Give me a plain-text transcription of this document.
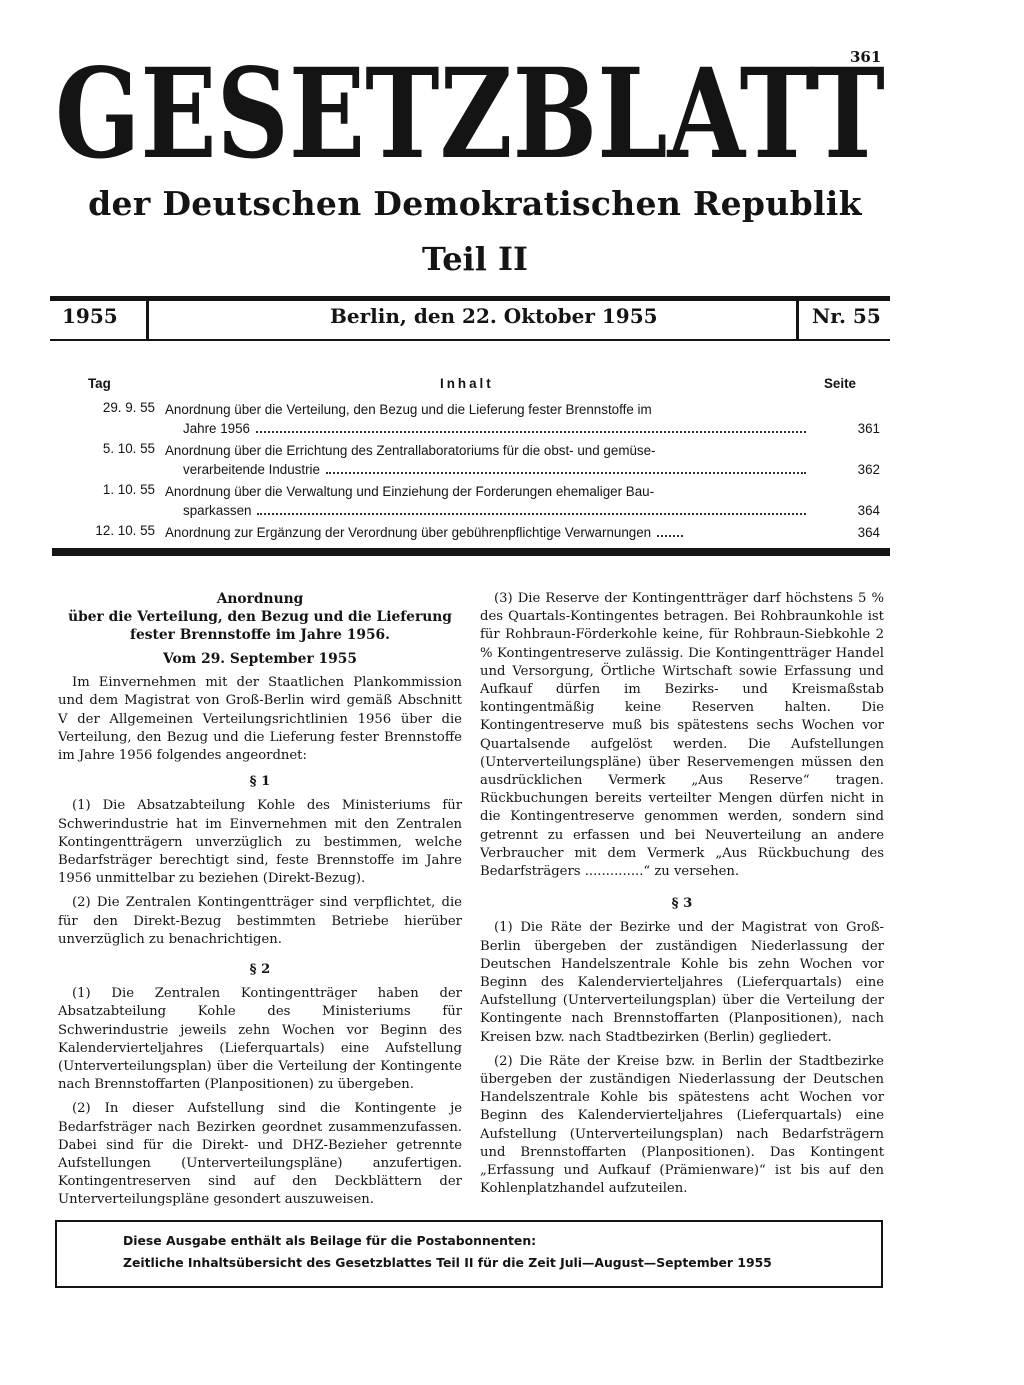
361
GESETZBLATT
der Deutschen Demokratischen Republik
Teil II
1955	Berlin, den 22. Oktober 1955	Nr. 55
Tag	Inhalt	Seite
29. 9. 55 Anordnung über die Verteilung, den Bezug und die Lieferung fester Brennstoffe im
Jahre 1956	361
5. 10. 55 Anordnung über die Errichtung des Zentrallaboratoriums für die obst- und gemüse-
verarbeitende Industrie	362
1. 10. 55 Anordnung über die Verwaltung und Einziehung der Forderungen ehemaliger Bau-
sparkassen	364
12. 10. 55 Anordnung zur Ergänzung der Verordnung über gebührenpflichtige Verwarnungen	364
Anordnung
über die Verteilung, den Bezug und die Lieferung
fester Brennstoffe im Jahre 1956.
Vom 29. September 1955

Im Einvernehmen mit der Staatlichen Plankommission und dem Magistrat von Groß-Berlin wird gemäß Abschnitt V der Allgemeinen Verteilungsrichtlinien 1956 über die Verteilung, den Bezug und die Lieferung fester Brennstoffe im Jahre 1956 folgendes angeordnet:

§ 1

(1) Die Absatzabteilung Kohle des Ministeriums für Schwerindustrie hat im Einvernehmen mit den Zentralen Kontingentträgern unverzüglich zu bestimmen, welche Bedarfsträger berechtigt sind, feste Brennstoffe im Jahre 1956 unmittelbar zu beziehen (Direkt-Bezug).

(2) Die Zentralen Kontingentträger sind verpflichtet, die für den Direkt-Bezug bestimmten Betriebe hierüber unverzüglich zu benachrichtigen.

§ 2

(1) Die Zentralen Kontingentträger haben der Absatzabteilung Kohle des Ministeriums für Schwerindustrie jeweils zehn Wochen vor Beginn des Kalendervierteljahres (Lieferquartals) eine Aufstellung (Unterverteilungsplan) über die Verteilung der Kontingente nach Brennstoffarten (Planpositionen) zu übergeben.

(2) In dieser Aufstellung sind die Kontingente je Bedarfsträger nach Bezirken geordnet zusammenzufassen. Dabei sind für die Direkt- und DHZ-Bezieher getrennte Aufstellungen (Unterverteilungspläne) anzufertigen. Kontingentreserven sind auf den Deckblättern der Unterverteilungspläne gesondert auszuweisen.

(3) Die Reserve der Kontingentträger darf höchstens 5 % des Quartals-Kontingentes betragen. Bei Rohbraunkohle ist für Rohbraun-Förderkohle keine, für Rohbraun-Siebkohle 2 % Kontingentreserve zulässig. Die Kontingentträger Handel und Versorgung, Örtliche Wirtschaft sowie Erfassung und Aufkauf dürfen im Bezirks- und Kreismaßstab kontingentmäßig keine Reserven halten. Die Kontingentreserve muß bis spätestens sechs Wochen vor Quartalsende aufgelöst werden. Die Aufstellungen (Unterverteilungspläne) über Reservemengen müssen den ausdrücklichen Vermerk „Aus Reserve“ tragen. Rückbuchungen bereits verteilter Mengen dürfen nicht in die Kontingentreserve genommen werden, sondern sind getrennt zu erfassen und bei Neuverteilung an andere Verbraucher mit dem Vermerk „Aus Rückbuchung des Bedarfsträgers ..............“ zu versehen.

§ 3

(1) Die Räte der Bezirke und der Magistrat von Groß-Berlin übergeben der zuständigen Niederlassung der Deutschen Handelszentrale Kohle bis zehn Wochen vor Beginn des Kalendervierteljahres (Lieferquartals) eine Aufstellung (Unterverteilungsplan) über die Verteilung der Kontingente nach Brennstoffarten (Planpositionen), nach Kreisen bzw. nach Stadtbezirken (Berlin) gegliedert.

(2) Die Räte der Kreise bzw. in Berlin der Stadtbezirke übergeben der zuständigen Niederlassung der Deutschen Handelszentrale Kohle bis spätestens acht Wochen vor Beginn des Kalendervierteljahres (Lieferquartals) eine Aufstellung (Unterverteilungsplan) nach Bedarfsträgern und Brennstoffarten (Planpositionen). Das Kontingent „Erfassung und Aufkauf (Prämienware)“ ist bis auf den Kohlenplatzhandel aufzuteilen.

Diese Ausgabe enthält als Beilage für die Postabonnenten:
Zeitliche Inhaltsübersicht des Gesetzblattes Teil II für die Zeit Juli—August—September 1955
